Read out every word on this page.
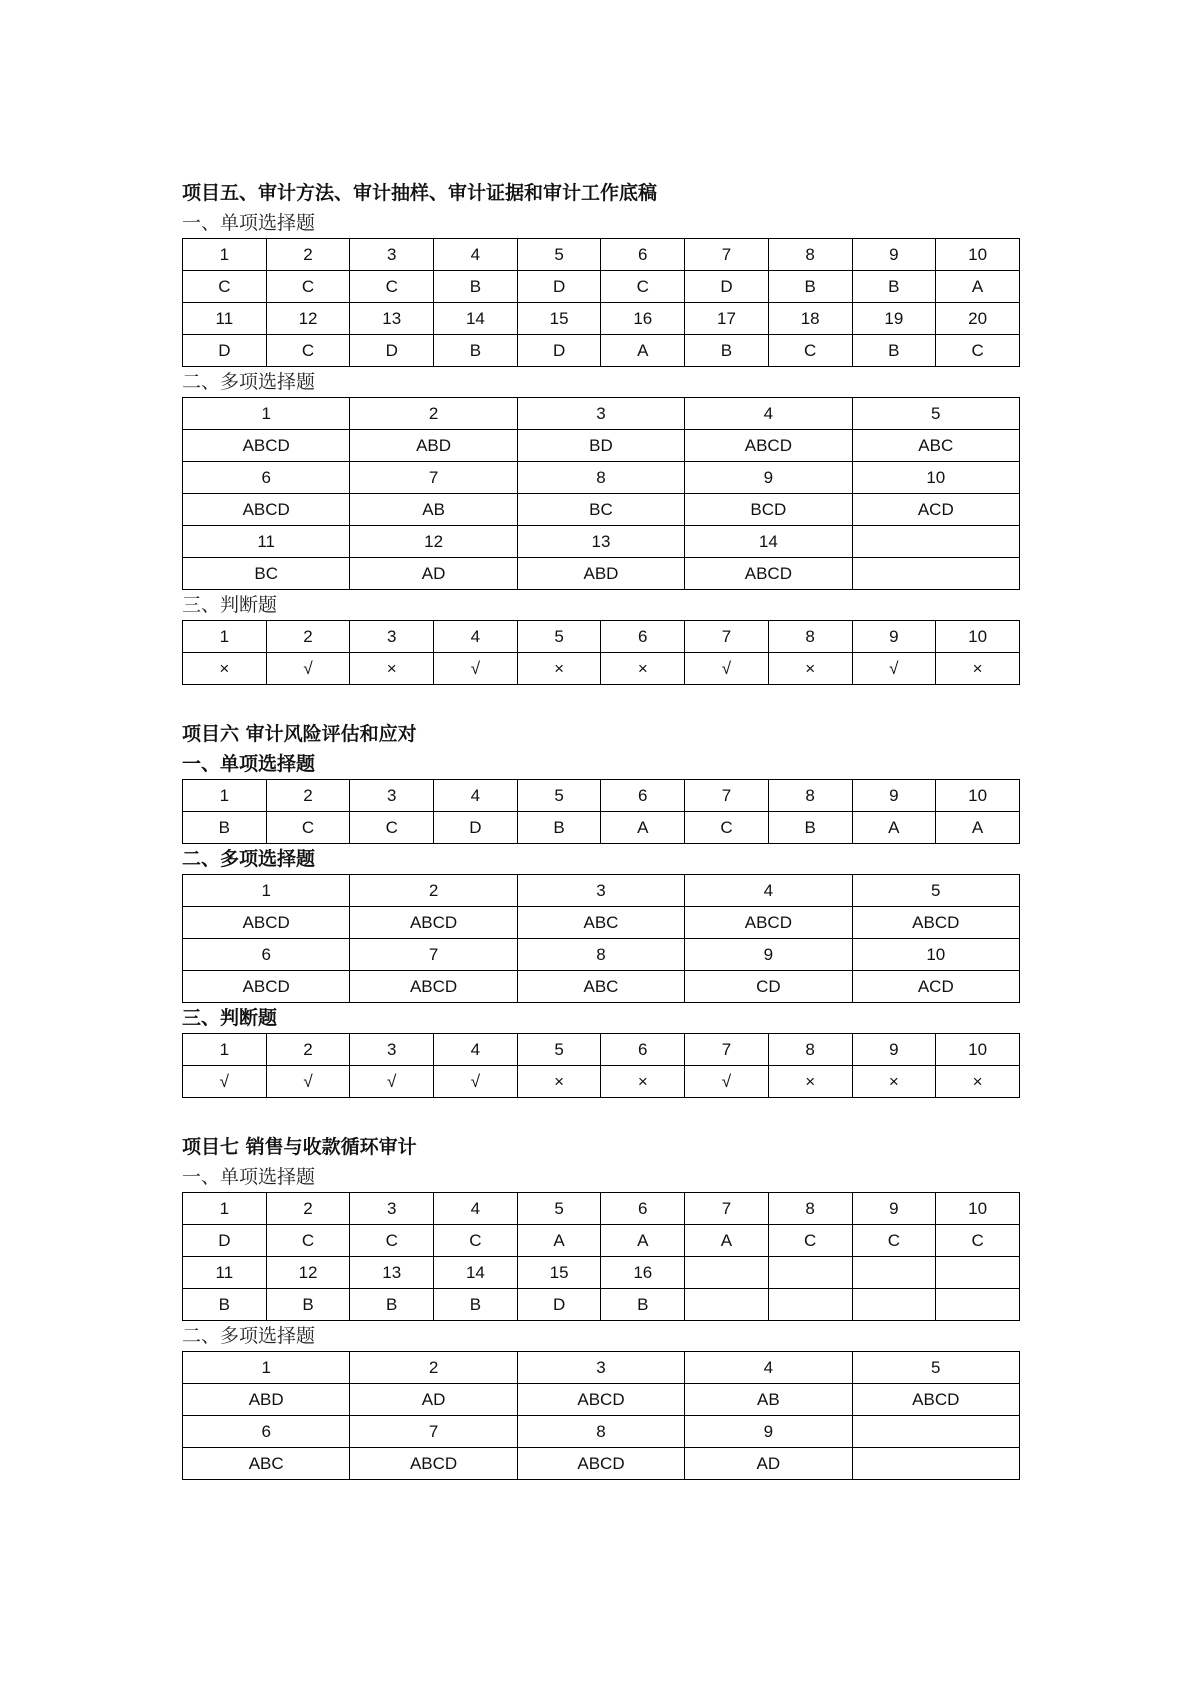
项目五、审计方法、审计抽样、审计证据和审计工作底稿
一、单项选择题
1	2	3	4	5	6	7	8	9	10
C	C	C	B	D	C	D	B	B	A
11	12	13	14	15	16	17	18	19	20
D	C	D	B	D	A	B	C	B	C
二、多项选择题
1	2	3	4	5
ABCD	ABD	BD	ABCD	ABC
6	7	8	9	10
ABCD	AB	BC	BCD	ACD
11	12	13	14	
BC	AD	ABD	ABCD	
三、判断题
1	2	3	4	5	6	7	8	9	10
×	√	×	√	×	×	√	×	√	×
项目六 审计风险评估和应对
一、单项选择题
1	2	3	4	5	6	7	8	9	10
B	C	C	D	B	A	C	B	A	A
二、多项选择题
1	2	3	4	5
ABCD	ABCD	ABC	ABCD	ABCD
6	7	8	9	10
ABCD	ABCD	ABC	CD	ACD
三、判断题
1	2	3	4	5	6	7	8	9	10
√	√	√	√	×	×	√	×	×	×
项目七 销售与收款循环审计
一、单项选择题
1	2	3	4	5	6	7	8	9	10
D	C	C	C	A	A	A	C	C	C
11	12	13	14	15	16				
B	B	B	B	D	B				
二、多项选择题
1	2	3	4	5
ABD	AD	ABCD	AB	ABCD
6	7	8	9	
ABC	ABCD	ABCD	AD	
